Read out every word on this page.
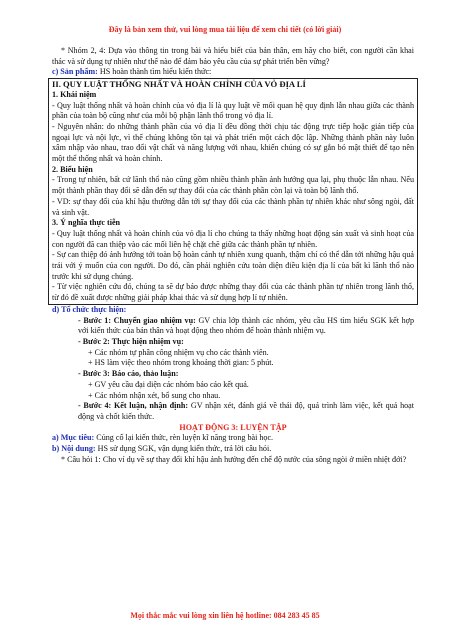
Đây là bản xem thử, vui lòng mua tài liệu để xem chi tiết (có lời giải)

* Nhóm 2, 4: Dựa vào thông tin trong bài và hiểu biết của bản thân, em hãy cho biết, con người cần khai thác và sử dụng tự nhiên như thế nào để đảm bảo yêu cầu của sự phát triển bền vững?

c) Sản phẩm: HS hoàn thành tìm hiểu kiến thức:

II. QUY LUẬT THỐNG NHẤT VÀ HOÀN CHỈNH CỦA VỎ ĐỊA LÍ

1. Khái niệm

- Quy luật thống nhất và hoàn chỉnh của vỏ địa lí là quy luật về mối quan hệ quy định lẫn nhau giữa các thành phần của toàn bộ cũng như của mỗi bộ phận lãnh thổ trong vỏ địa lí.

- Nguyên nhân: do những thành phần của vỏ địa lí đều đồng thời chịu tác động trực tiếp hoặc gián tiếp của ngoại lực và nội lực, vì thế chúng không tồn tại và phát triển một cách độc lập. Những thành phần này luôn xâm nhập vào nhau, trao đổi vật chất và năng lượng với nhau, khiến chúng có sự gắn bó mật thiết để tạo nên một thể thống nhất và hoàn chỉnh.

2. Biểu hiện

- Trong tự nhiên, bất cứ lãnh thổ nào cũng gồm nhiều thành phần ảnh hưởng qua lại, phụ thuộc lẫn nhau. Nếu một thành phần thay đổi sẽ dẫn đến sự thay đổi của các thành phần còn lại và toàn bộ lãnh thổ.

- VD: sự thay đổi của khí hậu thường dẫn tới sự thay đổi của các thành phần tự nhiên khác như sông ngòi, đất và sinh vật.

3. Ý nghĩa thực tiễn

- Quy luật thống nhất và hoàn chỉnh của vỏ địa lí cho chúng ta thấy những hoạt động sản xuất và sinh hoạt của con người đã can thiệp vào các mối liên hệ chặt chẽ giữa các thành phần tự nhiên.

- Sự can thiệp đó ảnh hưởng tới toàn bộ hoàn cảnh tự nhiên xung quanh, thậm chí có thể dẫn tới những hậu quả trái với ý muốn của con người. Do đó, cần phải nghiên cứu toàn diện điều kiện địa lí của bất kì lãnh thổ nào trước khi sử dụng chúng.

- Từ việc nghiên cứu đó, chúng ta sẽ dự báo được những thay đổi của các thành phần tự nhiên trong lãnh thổ, từ đó đề xuất được những giải pháp khai thác và sử dụng hợp lí tự nhiên.

d) Tổ chức thực hiện:

- Bước 1: Chuyển giao nhiệm vụ: GV chia lớp thành các nhóm, yêu cầu HS tìm hiểu SGK kết hợp với kiến thức của bản thân và hoạt động theo nhóm để hoàn thành nhiệm vụ.

- Bước 2: Thực hiện nhiệm vụ:

+ Các nhóm tự phân công nhiệm vụ cho các thành viên.

+ HS làm việc theo nhóm trong khoảng thời gian: 5 phút.

- Bước 3: Báo cáo, thảo luận:

+ GV yêu cầu đại diện các nhóm báo cáo kết quả.

+ Các nhóm nhận xét, bổ sung cho nhau.

- Bước 4: Kết luận, nhận định: GV nhận xét, đánh giá về thái độ, quá trình làm việc, kết quả hoạt động và chốt kiến thức.

HOẠT ĐỘNG 3: LUYỆN TẬP

a) Mục tiêu: Củng cố lại kiến thức, rèn luyện kĩ năng trong bài học.

b) Nội dung: HS sử dụng SGK, vận dụng kiến thức, trả lời câu hỏi.

* Câu hỏi 1: Cho ví dụ về sự thay đổi khí hậu ảnh hưởng đến chế độ nước của sông ngòi ở miền nhiệt đới?

Mọi thắc mắc vui lòng xin liên hệ hotline: 084 283 45 85
